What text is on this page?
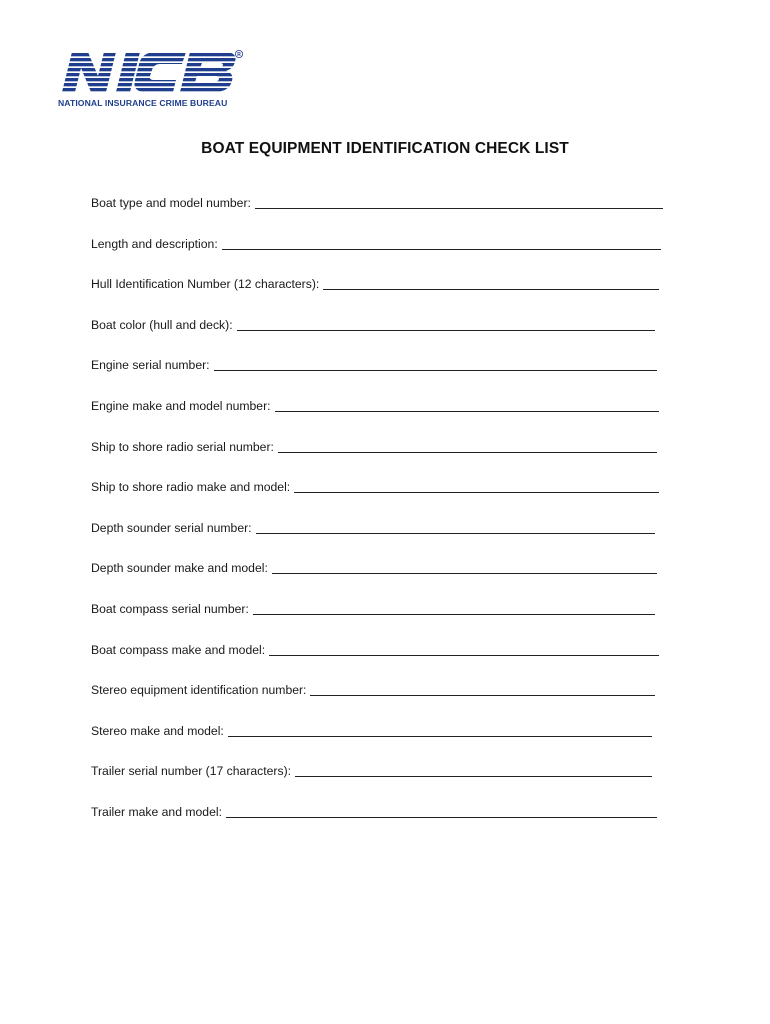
R
NATIONAL INSURANCE CRIME BUREAU
BOAT EQUIPMENT IDENTIFICATION CHECK LIST
Boat type and model number:
Length and description:
Hull Identification Number (12 characters):
Boat color (hull and deck):
Engine serial number:
Engine make and model number:
Ship to shore radio serial number:
Ship to shore radio make and model:
Depth sounder serial number:
Depth sounder make and model:
Boat compass serial number:
Boat compass make and model:
Stereo equipment identification number:
Stereo make and model:
Trailer serial number (17 characters):
Trailer make and model:
